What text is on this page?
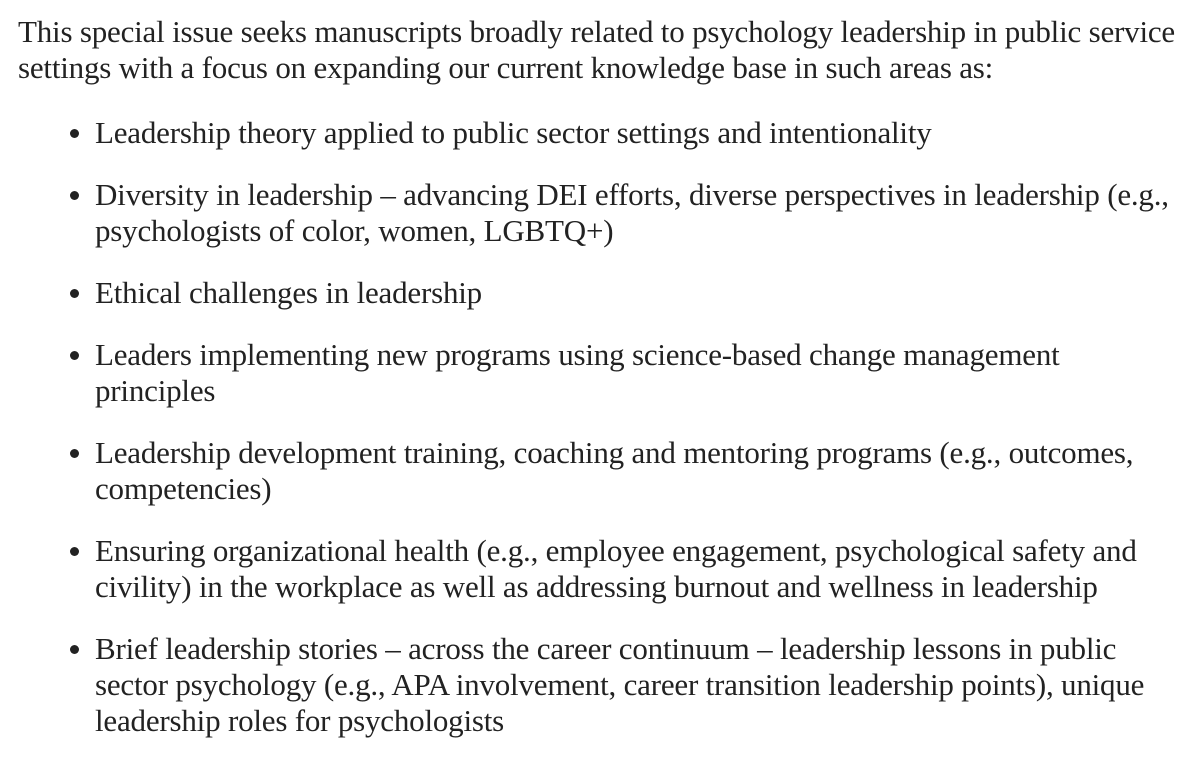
This special issue seeks manuscripts broadly related to psychology leadership in public service settings with a focus on expanding our current knowledge base in such areas as:

Leadership theory applied to public sector settings and intentionality
Diversity in leadership – advancing DEI efforts, diverse perspectives in leadership (e.g., psychologists of color, women, LGBTQ+)
Ethical challenges in leadership
Leaders implementing new programs using science-based change management principles
Leadership development training, coaching and mentoring programs (e.g., outcomes, competencies)
Ensuring organizational health (e.g., employee engagement, psychological safety and civility) in the workplace as well as addressing burnout and wellness in leadership
Brief leadership stories – across the career continuum – leadership lessons in public sector psychology (e.g., APA involvement, career transition leadership points), unique leadership roles for psychologists
